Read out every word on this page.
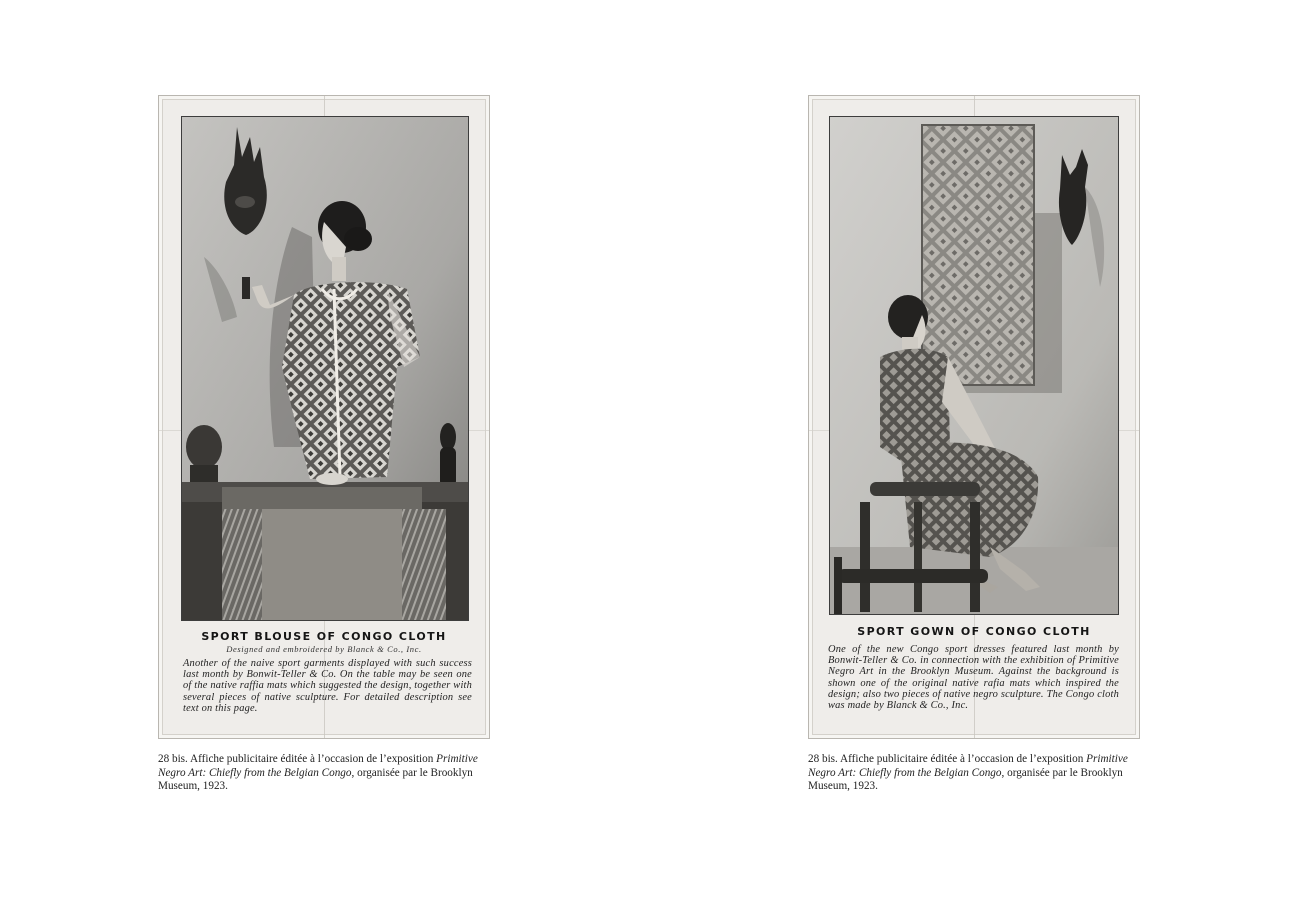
SPORT BLOUSE OF CONGO CLOTH
Designed and embroidered by Blanck & Co., Inc.
Another of the naive sport garments displayed with such success last month by Bonwit-Teller & Co. On the table may be seen one of the native raffia mats which suggested the design, together with several pieces of native sculpture. For detailed description see text on this page.
SPORT GOWN OF CONGO CLOTH
One of the new Congo sport dresses featured last month by Bonwit-Teller & Co. in connection with the exhibition of Primitive Negro Art in the Brooklyn Museum. Against the background is shown one of the original native rafia mats which inspired the design; also two pieces of native negro sculpture. The Congo cloth was made by Blanck & Co., Inc.
28 bis. Affiche publicitaire éditée à l’occasion de l’exposition Primitive Negro Art: Chiefly from the Belgian Congo, organisée par le Brooklyn Museum, 1923.
28 bis. Affiche publicitaire éditée à l’occasion de l’exposition Primitive Negro Art: Chiefly from the Belgian Congo, organisée par le Brooklyn Museum, 1923.
